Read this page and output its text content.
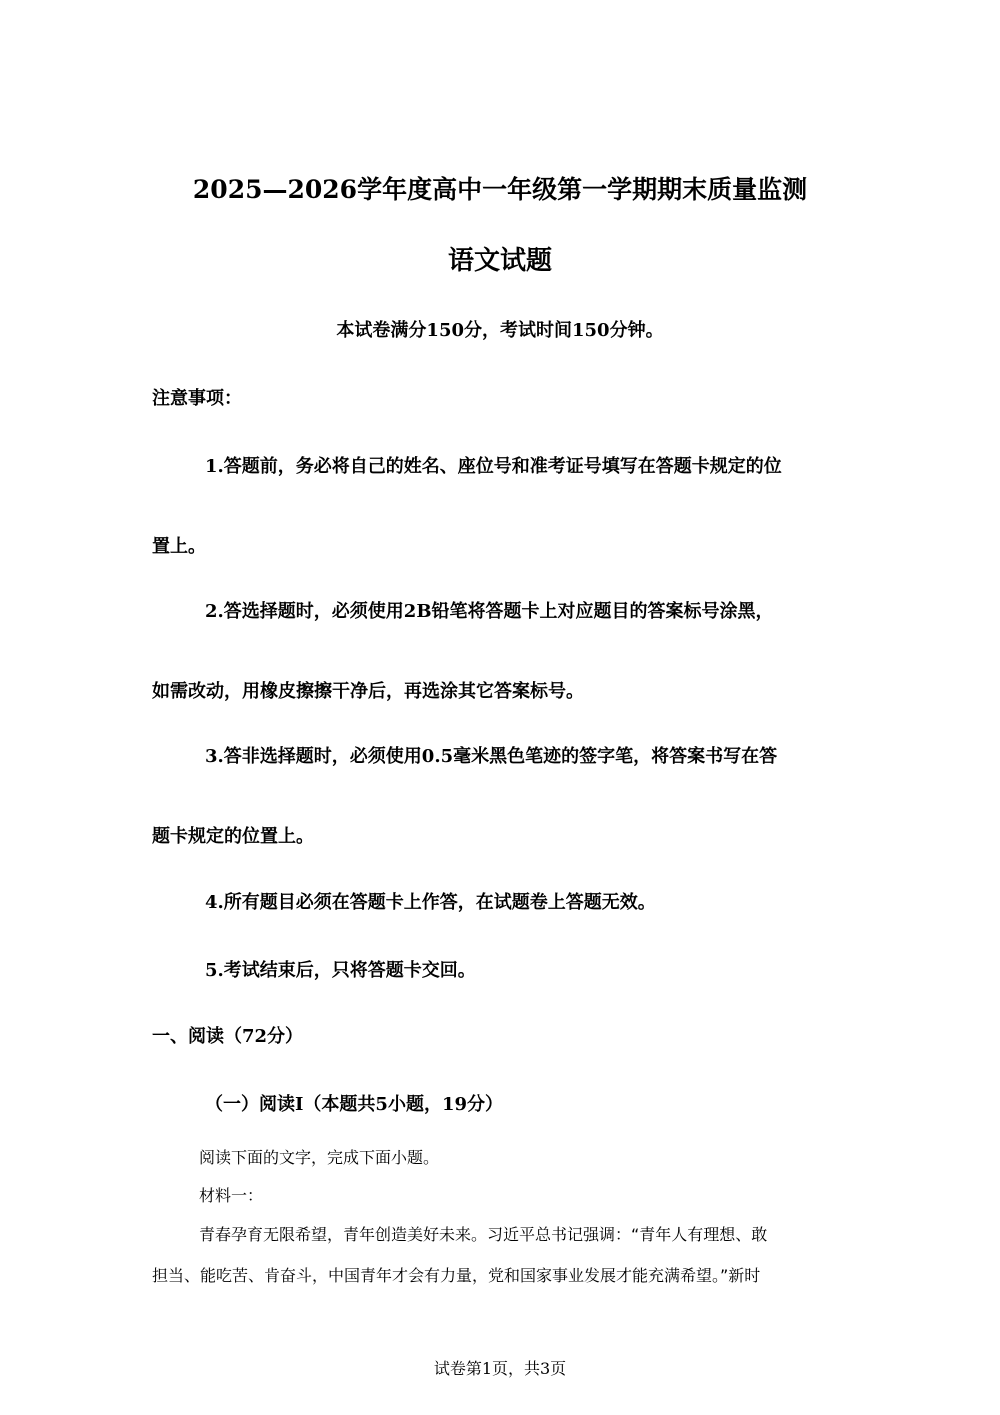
2025—2026学年度高中一年级第一学期期末质量监测

语文试题

本试卷满分150分，考试时间150分钟。

注意事项：

1.答题前，务必将自己的姓名、座位号和准考证号填写在答题卡规定的位

置上。

2.答选择题时，必须使用2B铅笔将答题卡上对应题目的答案标号涂黑，

如需改动，用橡皮擦擦干净后，再选涂其它答案标号。

3.答非选择题时，必须使用0.5毫米黑色笔迹的签字笔，将答案书写在答

题卡规定的位置上。

4.所有题目必须在答题卡上作答，在试题卷上答题无效。

5.考试结束后，只将答题卡交回。

一、阅读（72分）

（一）阅读Ⅰ（本题共5小题，19分）

阅读下面的文字，完成下面小题。

材料一：

青春孕育无限希望，青年创造美好未来。习近平总书记强调：“青年人有理想、敢

担当、能吃苦、肯奋斗，中国青年才会有力量，党和国家事业发展才能充满希望。”新时

试卷第1页，共3页
